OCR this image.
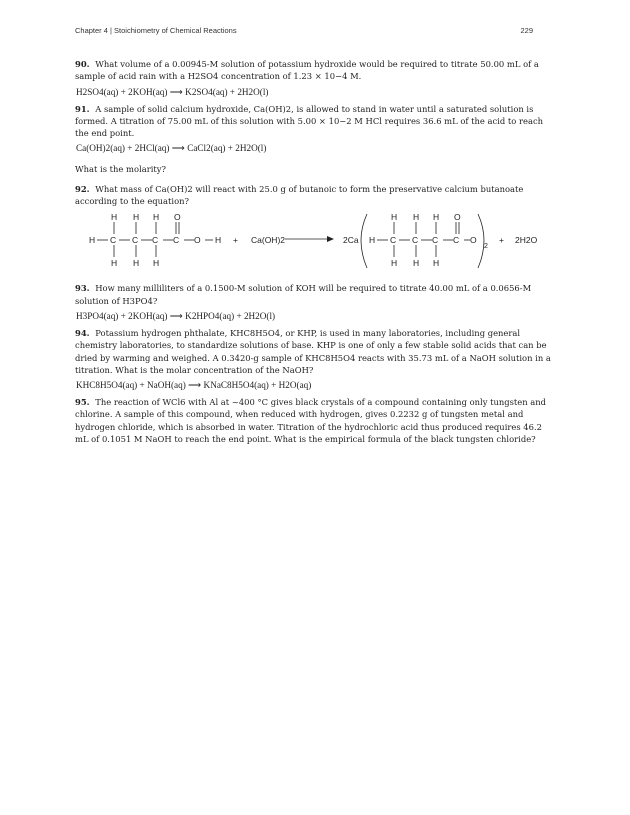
Chapter 4 | Stoichiometry of Chemical Reactions	229

90. What volume of a 0.00945-M solution of potassium hydroxide would be required to titrate 50.00 mL of a sample of acid rain with a H2SO4 concentration of 1.23 × 10−4 M.

H2SO4(aq) + 2KOH(aq) ⟶ K2SO4(aq) + 2H2O(l)

91. A sample of solid calcium hydroxide, Ca(OH)2, is allowed to stand in water until a saturated solution is formed. A titration of 75.00 mL of this solution with 5.00 × 10−2 M HCl requires 36.6 mL of the acid to reach the end point.

Ca(OH)2(aq) + 2HCl(aq) ⟶ CaCl2(aq) + 2H2O(l)

What is the molarity?

92. What mass of Ca(OH)2 will react with 25.0 g of butanoic to form the preservative calcium butanoate according to the equation?

H C C C C O H
H H H O
H H H
+ Ca(OH)2	2Ca H C C C C O
H H H O
H H H
2
+ 2H2O

93. How many milliliters of a 0.1500-M solution of KOH will be required to titrate 40.00 mL of a 0.0656-M solution of H3PO4?

H3PO4(aq) + 2KOH(aq) ⟶ K2HPO4(aq) + 2H2O(l)

94. Potassium hydrogen phthalate, KHC8H5O4, or KHP, is used in many laboratories, including general chemistry laboratories, to standardize solutions of base. KHP is one of only a few stable solid acids that can be dried by warming and weighed. A 0.3420-g sample of KHC8H5O4 reacts with 35.73 mL of a NaOH solution in a titration. What is the molar concentration of the NaOH?

KHC8H5O4(aq) + NaOH(aq) ⟶ KNaC8H5O4(aq) + H2O(aq)

95. The reaction of WCl6 with Al at ~400 °C gives black crystals of a compound containing only tungsten and chlorine. A sample of this compound, when reduced with hydrogen, gives 0.2232 g of tungsten metal and hydrogen chloride, which is absorbed in water. Titration of the hydrochloric acid thus produced requires 46.2 mL of 0.1051 M NaOH to reach the end point. What is the empirical formula of the black tungsten chloride?
